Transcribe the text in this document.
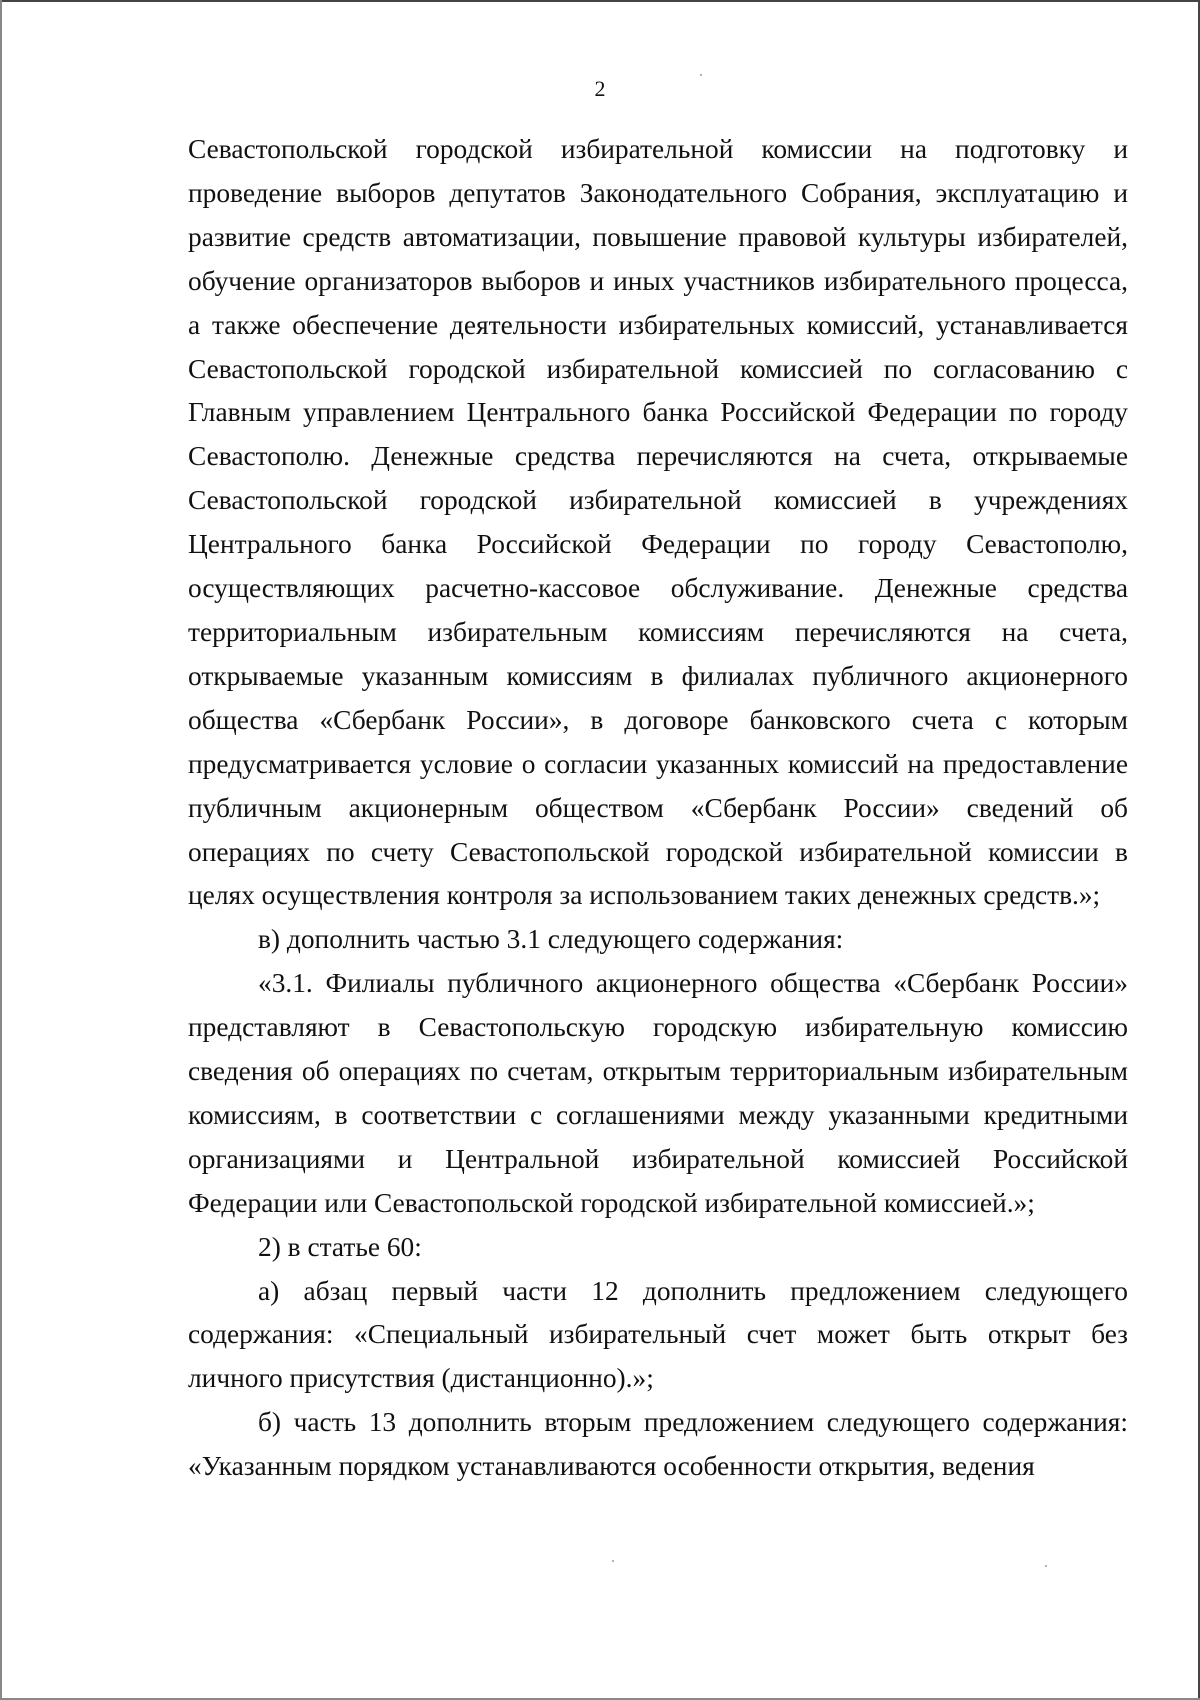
2

Севастопольской городской избирательной комиссии на подготовку и проведение выборов депутатов Законодательного Собрания, эксплуатацию и развитие средств автоматизации, повышение правовой культуры избирателей, обучение организаторов выборов и иных участников избирательного процесса, а также обеспечение деятельности избирательных комиссий, устанавливается Севастопольской городской избирательной комиссией по согласованию с Главным управлением Центрального банка Российской Федерации по городу Севастополю. Денежные средства перечисляются на счета, открываемые Севастопольской городской избирательной комиссией в учреждениях Центрального банка Российской Федерации по городу Севастополю, осуществляющих расчетно-кассовое обслуживание. Денежные средства территориальным избирательным комиссиям перечисляются на счета, открываемые указанным комиссиям в филиалах публичного акционерного общества «Сбербанк России», в договоре банковского счета с которым предусматривается условие о согласии указанных комиссий на предоставление публичным акционерным обществом «Сбербанк России» сведений об операциях по счету Севастопольской городской избирательной комиссии в целях осуществления контроля за использованием таких денежных средств.»;

в) дополнить частью 3.1 следующего содержания:

«3.1. Филиалы публичного акционерного общества «Сбербанк России» представляют в Севастопольскую городскую избирательную комиссию сведения об операциях по счетам, открытым территориальным избирательным комиссиям, в соответствии с соглашениями между указанными кредитными организациями и Центральной избирательной комиссией Российской Федерации или Севастопольской городской избирательной комиссией.»;

2) в статье 60:

а) абзац первый части 12 дополнить предложением следующего содержания: «Специальный избирательный счет может быть открыт без личного присутствия (дистанционно).»;

б) часть 13 дополнить вторым предложением следующего содержания: «Указанным порядком устанавливаются особенности открытия, ведения
